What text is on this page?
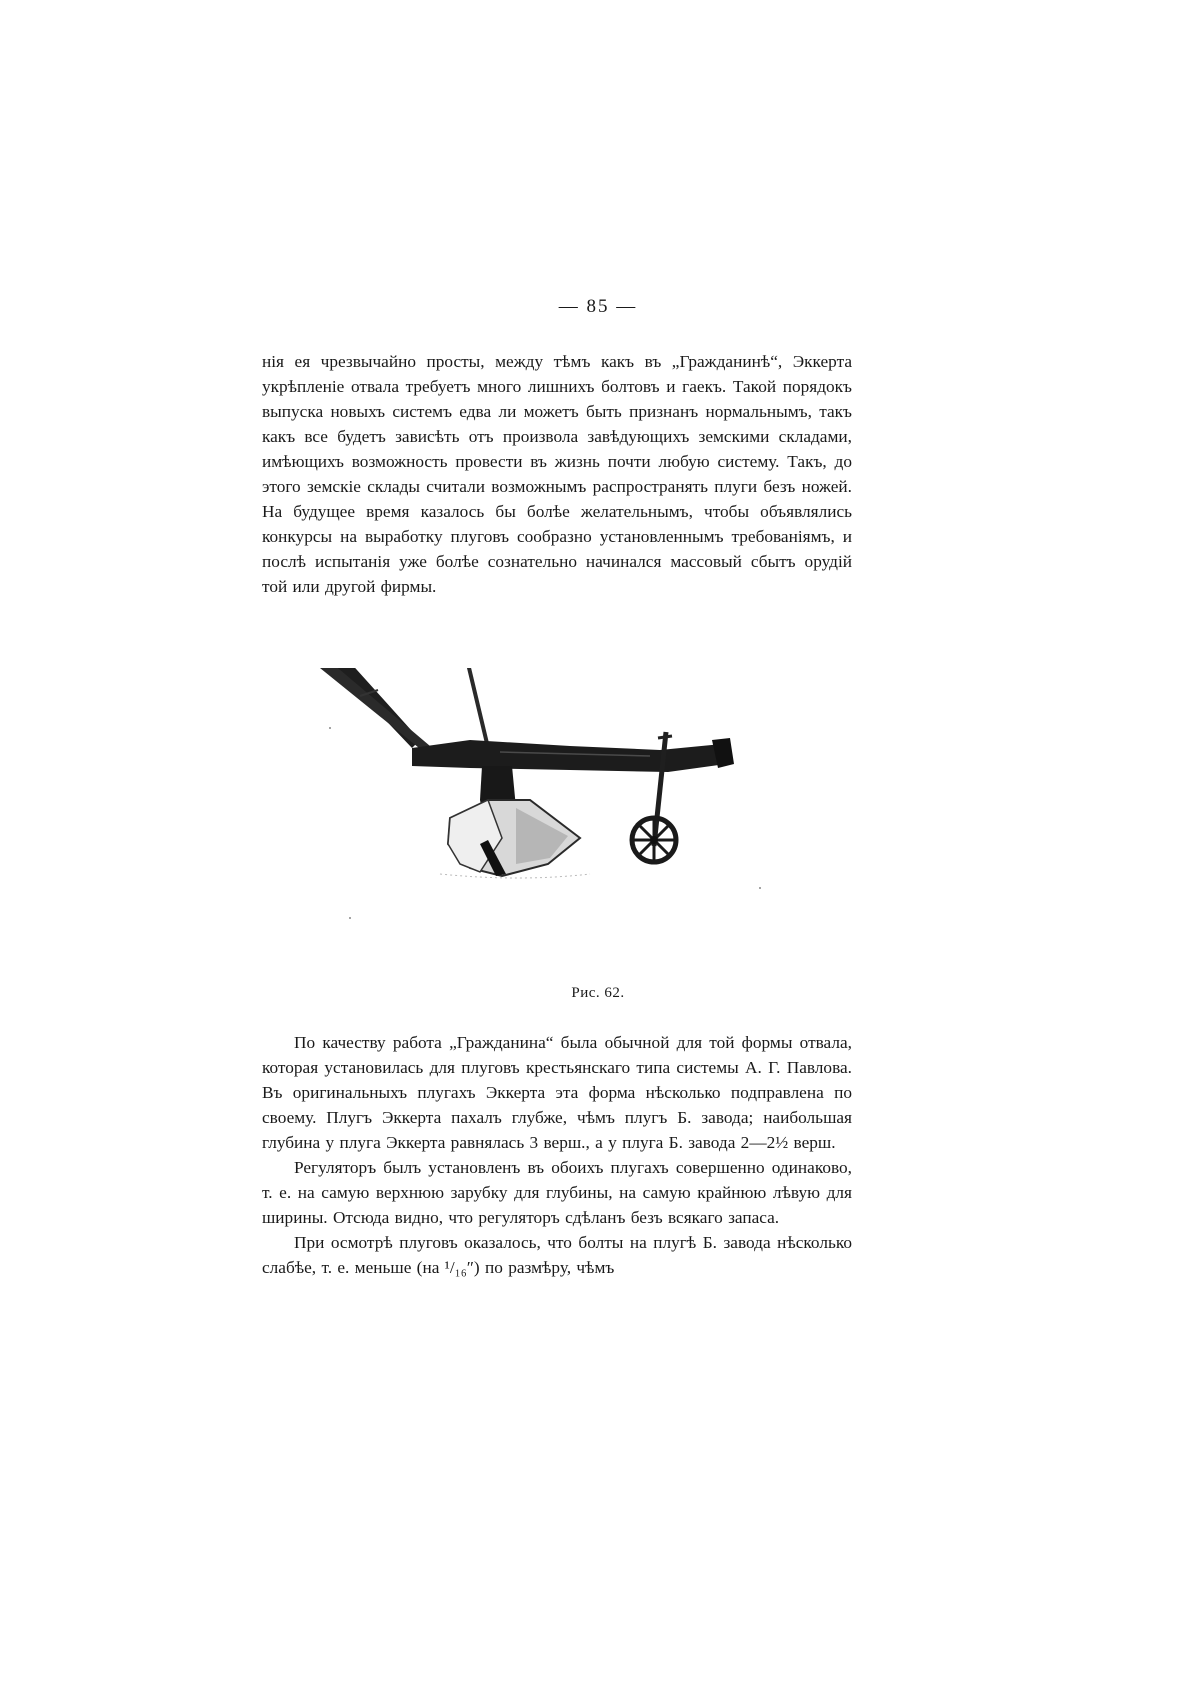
— 85 —

нія ея чрезвычайно просты, между тѣмъ какъ въ „Гражданинѣ“, Эккерта укрѣпленіе отвала требуетъ много лишнихъ болтовъ и гаекъ. Такой порядокъ выпуска новыхъ системъ едва ли можетъ быть признанъ нормальнымъ, такъ какъ все будетъ зависѣть отъ произвола завѣдующихъ земскими складами, имѣющихъ возможность провести въ жизнь почти любую систему. Такъ, до этого земскіе склады считали возможнымъ распространять плуги безъ ножей. На будущее время казалось бы болѣе желательнымъ, чтобы объявлялись конкурсы на выработку плуговъ сообразно установленнымъ требованіямъ, и послѣ испытанія уже болѣе сознательно начинался массовый сбытъ орудій той или другой фирмы.

Рис. 62.

По качеству работа „Гражданина“ была обычной для той формы отвала, которая установилась для плуговъ крестьянскаго типа системы А. Г. Павлова. Въ оригинальныхъ плугахъ Эккерта эта форма нѣсколько подправлена по своему. Плугъ Эккерта пахалъ глубже, чѣмъ плугъ Б. завода; наибольшая глубина у плуга Эккерта равнялась 3 верш., а у плуга Б. завода 2—2½ верш.

Регуляторъ былъ установленъ въ обоихъ плугахъ совершенно одинаково, т. е. на самую верхнюю зарубку для глубины, на самую крайнюю лѣвую для ширины. Отсюда видно, что регуляторъ сдѣланъ безъ всякаго запаса.

При осмотрѣ плуговъ оказалось, что болты на плугѣ Б. завода нѣсколько слабѣе, т. е. меньше (на ¹/₁₆″) по размѣру, чѣмъ
